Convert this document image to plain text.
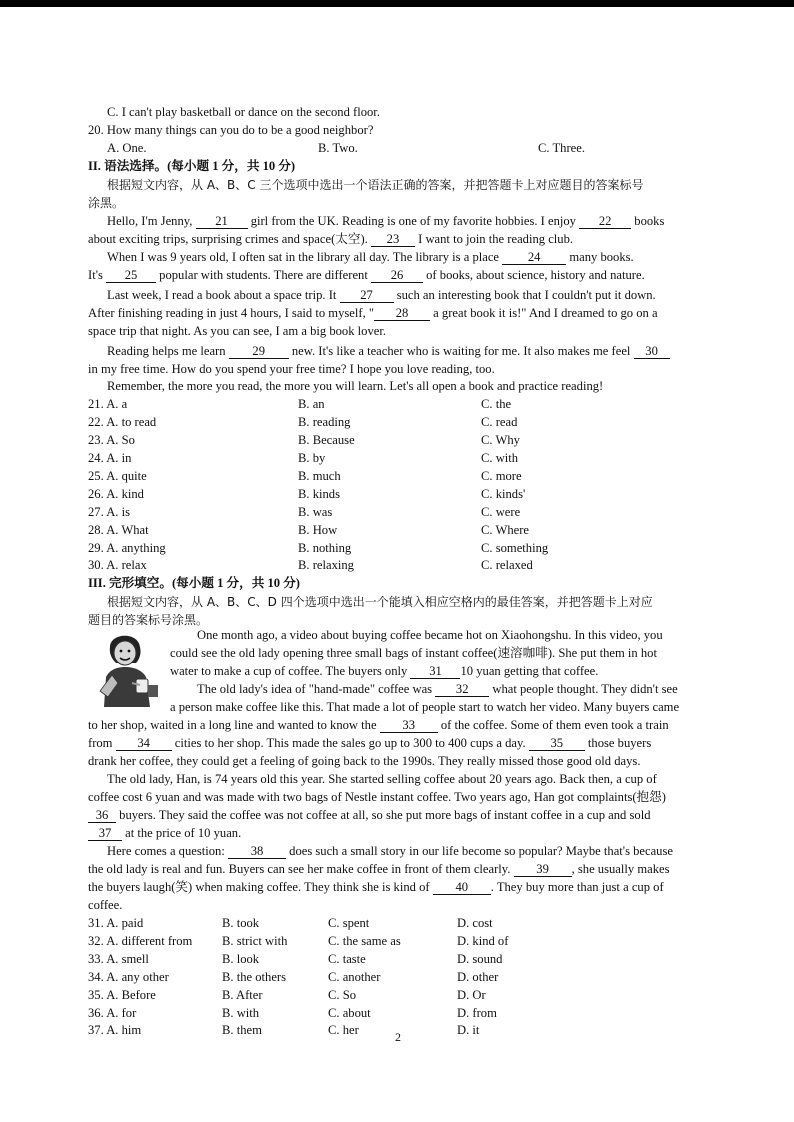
C. I can't play basketball or dance on the second floor.
20. How many things can you do to be a good neighbor?
A. One.	B. Two.	C. Three.
II. 语法选择。(每小题 1 分，共 10 分)
根据短文内容，从 A、B、C 三个选项中选出一个语法正确的答案，并把答题卡上对应题目的答案标号
涂黑。
Hello, I'm Jenny, 21 girl from the UK. Reading is one of my favorite hobbies. I enjoy 22 books
about exciting trips, surprising crimes and space(太空). 23 I want to join the reading club.
When I was 9 years old, I often sat in the library all day. The library is a place 24 many books.
It's 25 popular with students. There are different 26 of books, about science, history and nature.
Last week, I read a book about a space trip. It 27 such an interesting book that I couldn't put it down.
After finishing reading in just 4 hours, I said to myself, " 28 a great book it is!" And I dreamed to go on a
space trip that night. As you can see, I am a big book lover.
Reading helps me learn 29 new. It's like a teacher who is waiting for me. It also makes me feel 30
in my free time. How do you spend your free time? I hope you love reading, too.
Remember, the more you read, the more you will learn. Let's all open a book and practice reading!
21. A. a	B. an	C. the
22. A. to read	B. reading	C. read
23. A. So	B. Because	C. Why
24. A. in	B. by	C. with
25. A. quite	B. much	C. more
26. A. kind	B. kinds	C. kinds'
27. A. is	B. was	C. were
28. A. What	B. How	C. Where
29. A. anything	B. nothing	C. something
30. A. relax	B. relaxing	C. relaxed
III. 完形填空。(每小题 1 分，共 10 分)
根据短文内容，从 A、B、C、D 四个选项中选出一个能填入相应空格内的最佳答案，并把答题卡上对应
题目的答案标号涂黑。
One month ago, a video about buying coffee became hot on Xiaohongshu. In this video, you
could see the old lady opening three small bags of instant coffee(速溶咖啡). She put them in hot
water to make a cup of coffee. The buyers only 31 10 yuan getting that coffee.
The old lady's idea of "hand-made" coffee was 32 what people thought. They didn't see
a person make coffee like this. That made a lot of people start to watch her video. Many buyers came
to her shop, waited in a long line and wanted to know the 33 of the coffee. Some of them even took a train
from 34 cities to her shop. This made the sales go up to 300 to 400 cups a day. 35 those buyers
drank her coffee, they could get a feeling of going back to the 1990s. They really missed those good old days.
The old lady, Han, is 74 years old this year. She started selling coffee about 20 years ago. Back then, a cup of
coffee cost 6 yuan and was made with two bags of Nestle instant coffee. Two years ago, Han got complaints(抱怨)
36 buyers. They said the coffee was not coffee at all, so she put more bags of instant coffee in a cup and sold
37 at the price of 10 yuan.
Here comes a question: 38 does such a small story in our life become so popular? Maybe that's because
the old lady is real and fun. Buyers can see her make coffee in front of them clearly. 39 , she usually makes
the buyers laugh(笑) when making coffee. They think she is kind of 40 . They buy more than just a cup of
coffee.
31. A. paid	B. took	C. spent	D. cost
32. A. different from B. strict with	C. the same as	D. kind of
33. A. smell	B. look	C. taste	D. sound
34. A. any other	B. the others	C. another	D. other
35. A. Before	B. After	C. So	D. Or
36. A. for	B. with	C. about	D. from
37. A. him	B. them	C. her	D. it
2
